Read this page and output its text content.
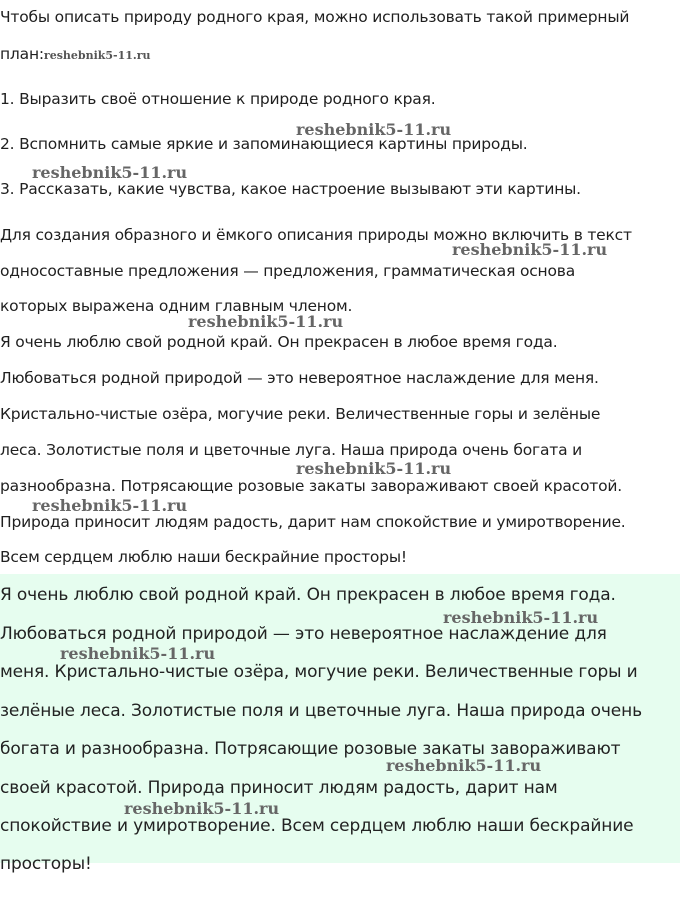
Чтобы описать природу родного края, можно использовать такой примерный
план:reshebnik5-11.ru
1. Выразить своё отношение к природе родного края.
2. Вспомнить самые яркие и запоминающиеся картины природы.
3. Рассказать, какие чувства, какое настроение вызывают эти картины.
Для создания образного и ёмкого описания природы можно включить в текст
односоставные предложения — предложения, грамматическая основа
которых выражена одним главным членом.
Я очень люблю свой родной край. Он прекрасен в любое время года.
Любоваться родной природой — это невероятное наслаждение для меня.
Кристально-чистые озёра, могучие реки. Величественные горы и зелёные
леса. Золотистые поля и цветочные луга. Наша природа очень богата и
разнообразна. Потрясающие розовые закаты завораживают своей красотой.
Природа приносит людям радость, дарит нам спокойствие и умиротворение.
Всем сердцем люблю наши бескрайние просторы!
Я очень люблю свой родной край. Он прекрасен в любое время года.
Любоваться родной природой — это невероятное наслаждение для
меня. Кристально-чистые озёра, могучие реки. Величественные горы и
зелёные леса. Золотистые поля и цветочные луга. Наша природа очень
богата и разнообразна. Потрясающие розовые закаты завораживают
своей красотой. Природа приносит людям радость, дарит нам
спокойствие и умиротворение. Всем сердцем люблю наши бескрайние
просторы!
reshebnik5-11.ru
reshebnik5-11.ru
reshebnik5-11.ru
reshebnik5-11.ru
reshebnik5-11.ru
reshebnik5-11.ru
reshebnik5-11.ru
reshebnik5-11.ru
reshebnik5-11.ru
reshebnik5-11.ru
